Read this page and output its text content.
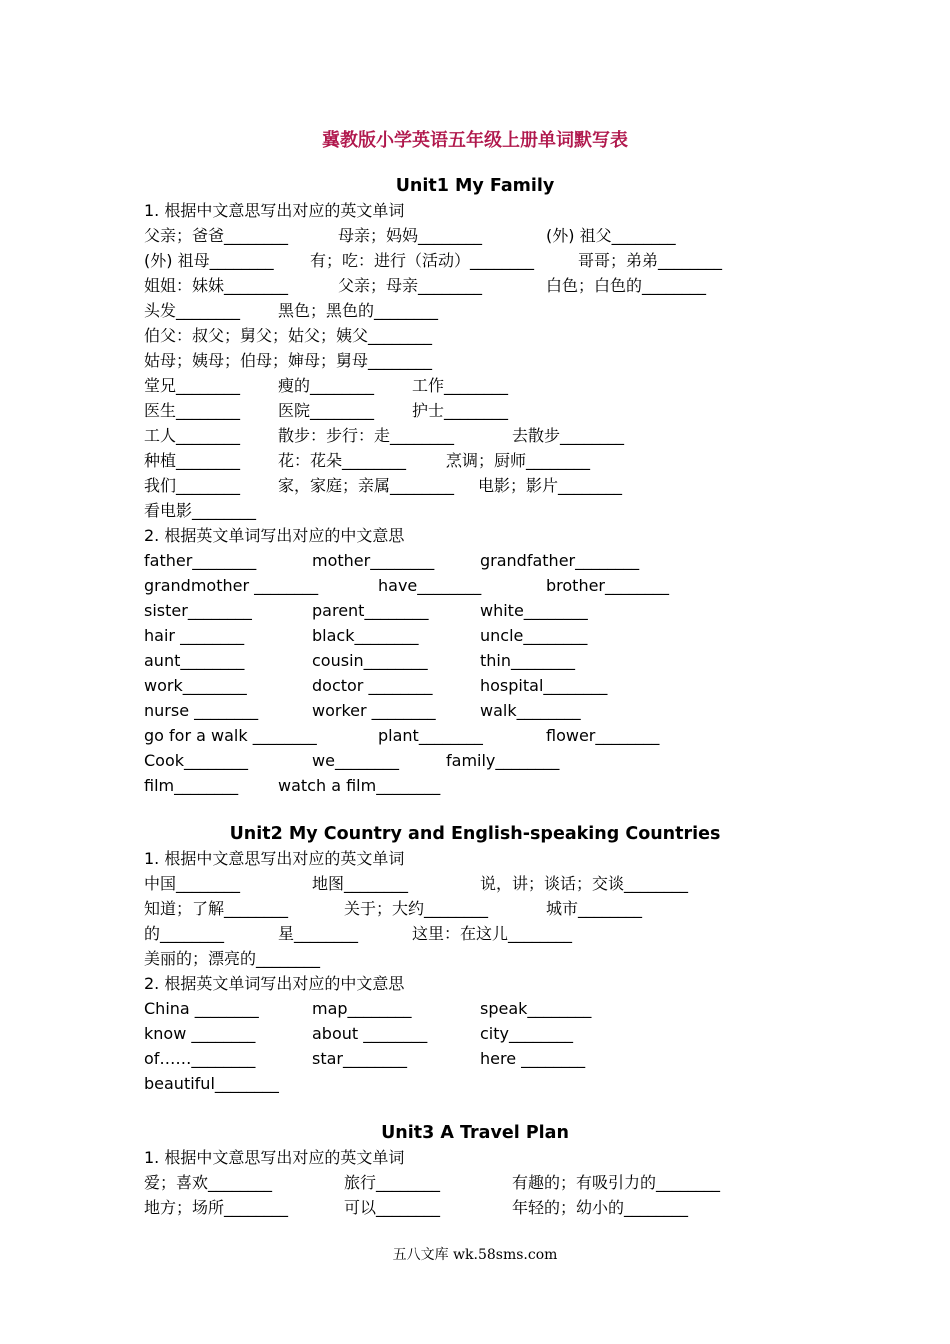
冀教版小学英语五年级上册单词默写表
Unit1 My Family
1. 根据中文意思写出对应的英文单词
父亲；爸爸________	母亲；妈妈________	(外) 祖父________
(外) 祖母________ 有；吃：进行（活动）________	哥哥；弟弟________
姐姐：妹妹________	父亲；母亲________	白色；白色的________
头发________ 黑色；黑色的________
伯父：叔父；舅父；姑父；姨父________
姑母；姨母；伯母；婶母；舅母________
堂兄________ 瘦的________ 工作________
医生________ 医院________ 护士________
工人________ 散步：步行：走________	去散步________
种植________ 花：花朵________ 烹调；厨师________
我们________ 家，家庭；亲属________ 电影；影片________
看电影________
2. 根据英文单词写出对应的中文意思
father________	mother________	grandfather________
grandmother ________	have________	brother________
sister________	parent________	white________
hair ________	black________	uncle________
aunt________	cousin________	thin________
work________	doctor ________	hospital________
nurse ________	worker ________	walk________
go for a walk ________	plant________	flower________
Cook________	we________	family________
film________ watch a film________
Unit2 My Country and English-speaking Countries
1. 根据中文意思写出对应的英文单词
中国________	地图________	说，讲；谈话；交谈________
知道；了解________	关于；大约________	城市________
的________	星________	这里：在这儿________
美丽的；漂亮的________
2. 根据英文单词写出对应的中文意思
China ________	map________	speak________
know ________	about ________	city________
of……________	star________	here ________
beautiful________
Unit3 A Travel Plan
1. 根据中文意思写出对应的英文单词
爱；喜欢________	旅行________	有趣的；有吸引力的________
地方；场所________	可以________	年轻的；幼小的________
五八文库 wk.58sms.com
